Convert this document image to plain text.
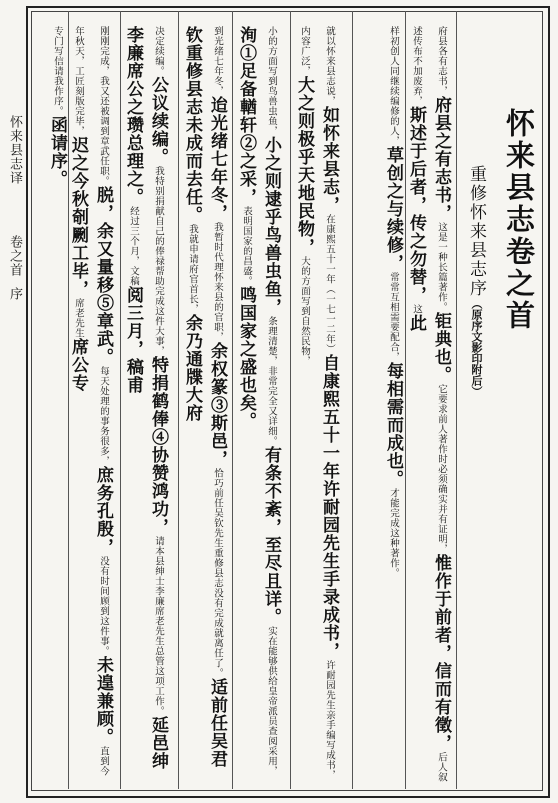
怀来县志译卷之首序	怀来县志卷之首
重修怀来县志序（原序文影印附后）
府县各有志书，府县之有志书，这是一种长篇著作。钜典也。它要求前人著作时必须确实并有证明，惟作于前者，信而有徵，后人叙述传布不加废弃，斯述于后者，传之勿替，这此
样初创人同继续编修的人，草创之与续修，常常互相需要配合，每相需而成也。才能完成这种著作。
就以怀来县志说，如怀来县志，在康熙五十一年（一七一二年）自康熙五十一年许耐园先生手录成书，许耐园先生亲手编写成书，内容广泛，大之则极乎天地民物，大的方面写到自然民物，
小的方面写到鸟兽虫鱼，小之则逮乎鸟兽虫鱼，条理清楚，非常完全又详细。有条不紊，至尽且详。实在能够供给皇帝派员查阅采用，洵①足备輶轩②之采，表明国家的昌盛。鸣国家之盛也矣。
到光绪七年冬，迨光绪七年冬，我暂时代理怀来县的官职，余权篆③斯邑，恰巧前任吴钦先生重修县志没有完成就离任了。适前任吴君钦重修县志未成而去任。我就申请府官首长，余乃通牒大府
决定续编。公议续编。我特别捐献自己的俸禄帮助完成这件大事，特捐鹤俸④协赞鸿功，请本县绅士李廉席老先生总管这项工作。延邑绅李廉席公之瓒总理之。经过三个月，文稿阅三月，稿甫
刚刚完成，我又还被调到章武任职。脱，余又量移⑤章武。每天处理的事务很多，庶务孔殷，没有时间顾到这件事。未遑兼顾。直到今年秋天，工匠刻版完毕，迟之今秋剞劂工毕，席老先生席公专
专门写信请我作序。函请序。
